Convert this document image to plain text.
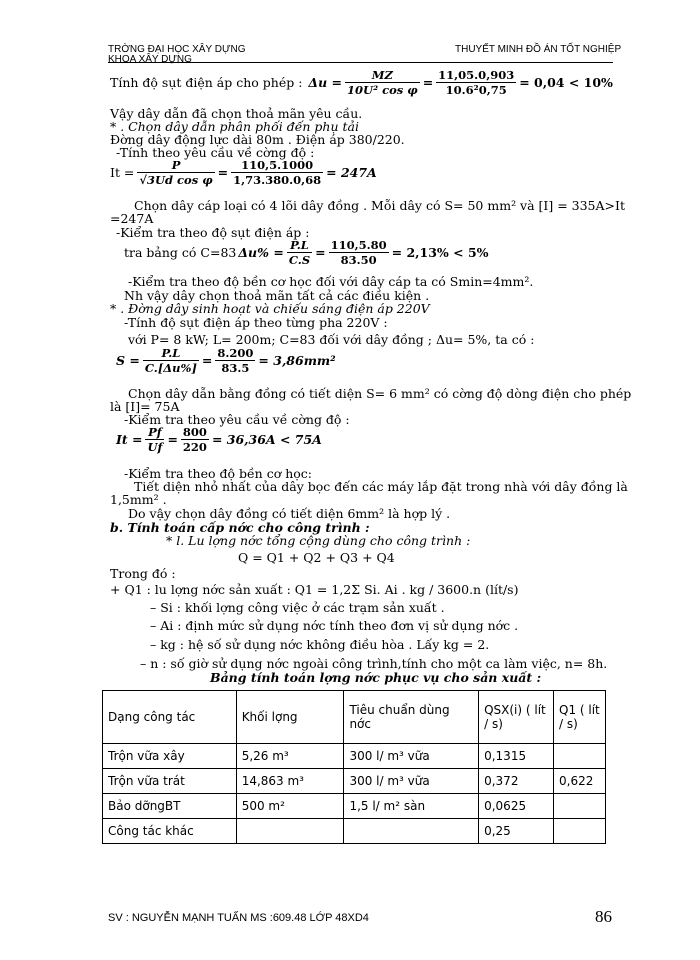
TRỜNG ĐẠI HỌC XÂY DỰNG
KHOA XÂY DỰNG
THUYẾT MINH ĐỒ ÁN TỐT NGHIỆP
Tính độ sụt điện áp cho phép : $\Delta u = \frac{MZ}{\text{10U² cos φ}} = \frac{11,05.0,903}{\text{10.6²0,75}} = 0,04 < 10\%$
Vậy dây dẫn đã chọn thoả mãn yêu cầu.
* . Chọn dây dẫn phân phối đến phụ tải
Đờng dây động lực dài 80m . Điện áp 380/220.
-Tính theo yêu cầu về cờng độ :
$It = \frac{P}{\text{√3Ud cos φ}} = \frac{110,5.1000}{1,73.380.0,68} = 247A$
Chọn dây cáp loại có 4 lõi dây đồng . Mỗi dây có S= 50 mm² và [I] = 335A>It
=247A
-Kiểm tra theo độ sụt điện áp :
tra bảng có C=83 $\Delta u\% = \frac{P.L}{C.S} = \frac{110,5.80}{83.50} = 2,13\% < 5\%$
-Kiểm tra theo độ bền cơ học đối với dây cáp ta có Smin=4mm².
Nh vậy dây chọn thoả mãn tất cả các điều kiện .
* . Đờng dây sinh hoạt và chiếu sáng điện áp 220V
-Tính độ sụt điện áp theo từng pha 220V :
với P= 8 kW; L= 200m; C=83 đối với dây đồng ; Δu= 5%, ta có :
$S = \frac{P.L}{C.[\Delta u\%]} = \frac{8.200}{83.5} = 3,86mm^2$
Chọn dây dẫn bằng đồng có tiết diện S= 6 mm² có cờng độ dòng điện cho phép
là [I]= 75A
-Kiểm tra theo yêu cầu về cờng độ :
$It = \frac{Pf}{Uf} = \frac{800}{220} = 36,36A < 75A$
-Kiểm tra theo độ bền cơ học:
Tiết diện nhỏ nhất của dây bọc đến các máy lắp đặt trong nhà với dây đồng là
1,5mm² .
Do vậy chọn dây đồng có tiết diện 6mm² là hợp lý .
b. Tính toán cấp nớc cho công trình :
* l. Lu lợng nớc tổng cộng dùng cho công trình :
Q = Q1 + Q2 + Q3 + Q4
Trong đó :
+ Q1 : lu lợng nớc sản xuất : Q1 = 1,2Σ Si. Ai . kg / 3600.n (lít/s)
– Si : khối lợng công việc ở các trạm sản xuất .
– Ai : định mức sử dụng nớc tính theo đơn vị sử dụng nớc .
– kg : hệ số sử dụng nớc không điều hòa . Lấy kg = 2.
– n : số giờ sử dụng nớc ngoài công trình,tính cho một ca làm việc, n= 8h.
Bảng tính toán lợng nớc phục vụ cho sản xuất :
Dạng công tác	Khối lợng	Tiêu chuẩn dùng nớc	QSX(i) ( lít / s)	Q1 ( lít / s)
Trộn vữa xây	5,26 m³	300 l/ m³ vữa	0,1315	
Trộn vữa trát	14,863 m³	300 l/ m³ vữa	0,372	0,622
Bảo dỡngBT	500 m²	1,5 l/ m² sàn	0,0625	
Công tác khác			0,25	
SV : NGUYỄN MẠNH TUẤN MS :609.48 LỚP 48XD4	86
